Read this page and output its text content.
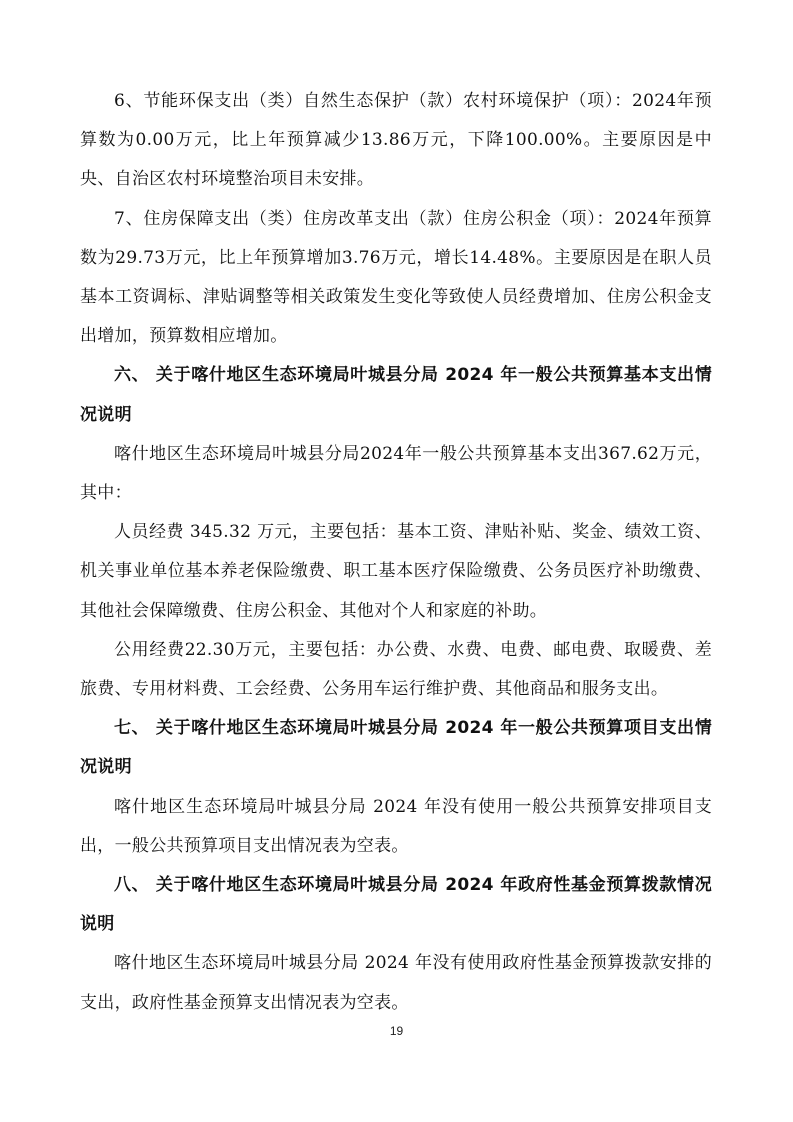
6、节能环保支出（类）自然生态保护（款）农村环境保护（项）：2024年预算数为0.00万元，比上年预算减少13.86万元，下降100.00%。主要原因是中央、自治区农村环境整治项目未安排。

7、住房保障支出（类）住房改革支出（款）住房公积金（项）：2024年预算数为29.73万元，比上年预算增加3.76万元，增长14.48%。主要原因是在职人员基本工资调标、津贴调整等相关政策发生变化等致使人员经费增加、住房公积金支出增加，预算数相应增加。

六、 关于喀什地区生态环境局叶城县分局 2024 年一般公共预算基本支出情况说明

喀什地区生态环境局叶城县分局2024年一般公共预算基本支出367.62万元，其中：

人员经费 345.32 万元，主要包括：基本工资、津贴补贴、奖金、绩效工资、机关事业单位基本养老保险缴费、职工基本医疗保险缴费、公务员医疗补助缴费、其他社会保障缴费、住房公积金、其他对个人和家庭的补助。

公用经费22.30万元，主要包括：办公费、水费、电费、邮电费、取暖费、差旅费、专用材料费、工会经费、公务用车运行维护费、其他商品和服务支出。

七、 关于喀什地区生态环境局叶城县分局 2024 年一般公共预算项目支出情况说明

喀什地区生态环境局叶城县分局 2024 年没有使用一般公共预算安排项目支出，一般公共预算项目支出情况表为空表。

八、 关于喀什地区生态环境局叶城县分局 2024 年政府性基金预算拨款情况说明

喀什地区生态环境局叶城县分局 2024 年没有使用政府性基金预算拨款安排的支出，政府性基金预算支出情况表为空表。

19
